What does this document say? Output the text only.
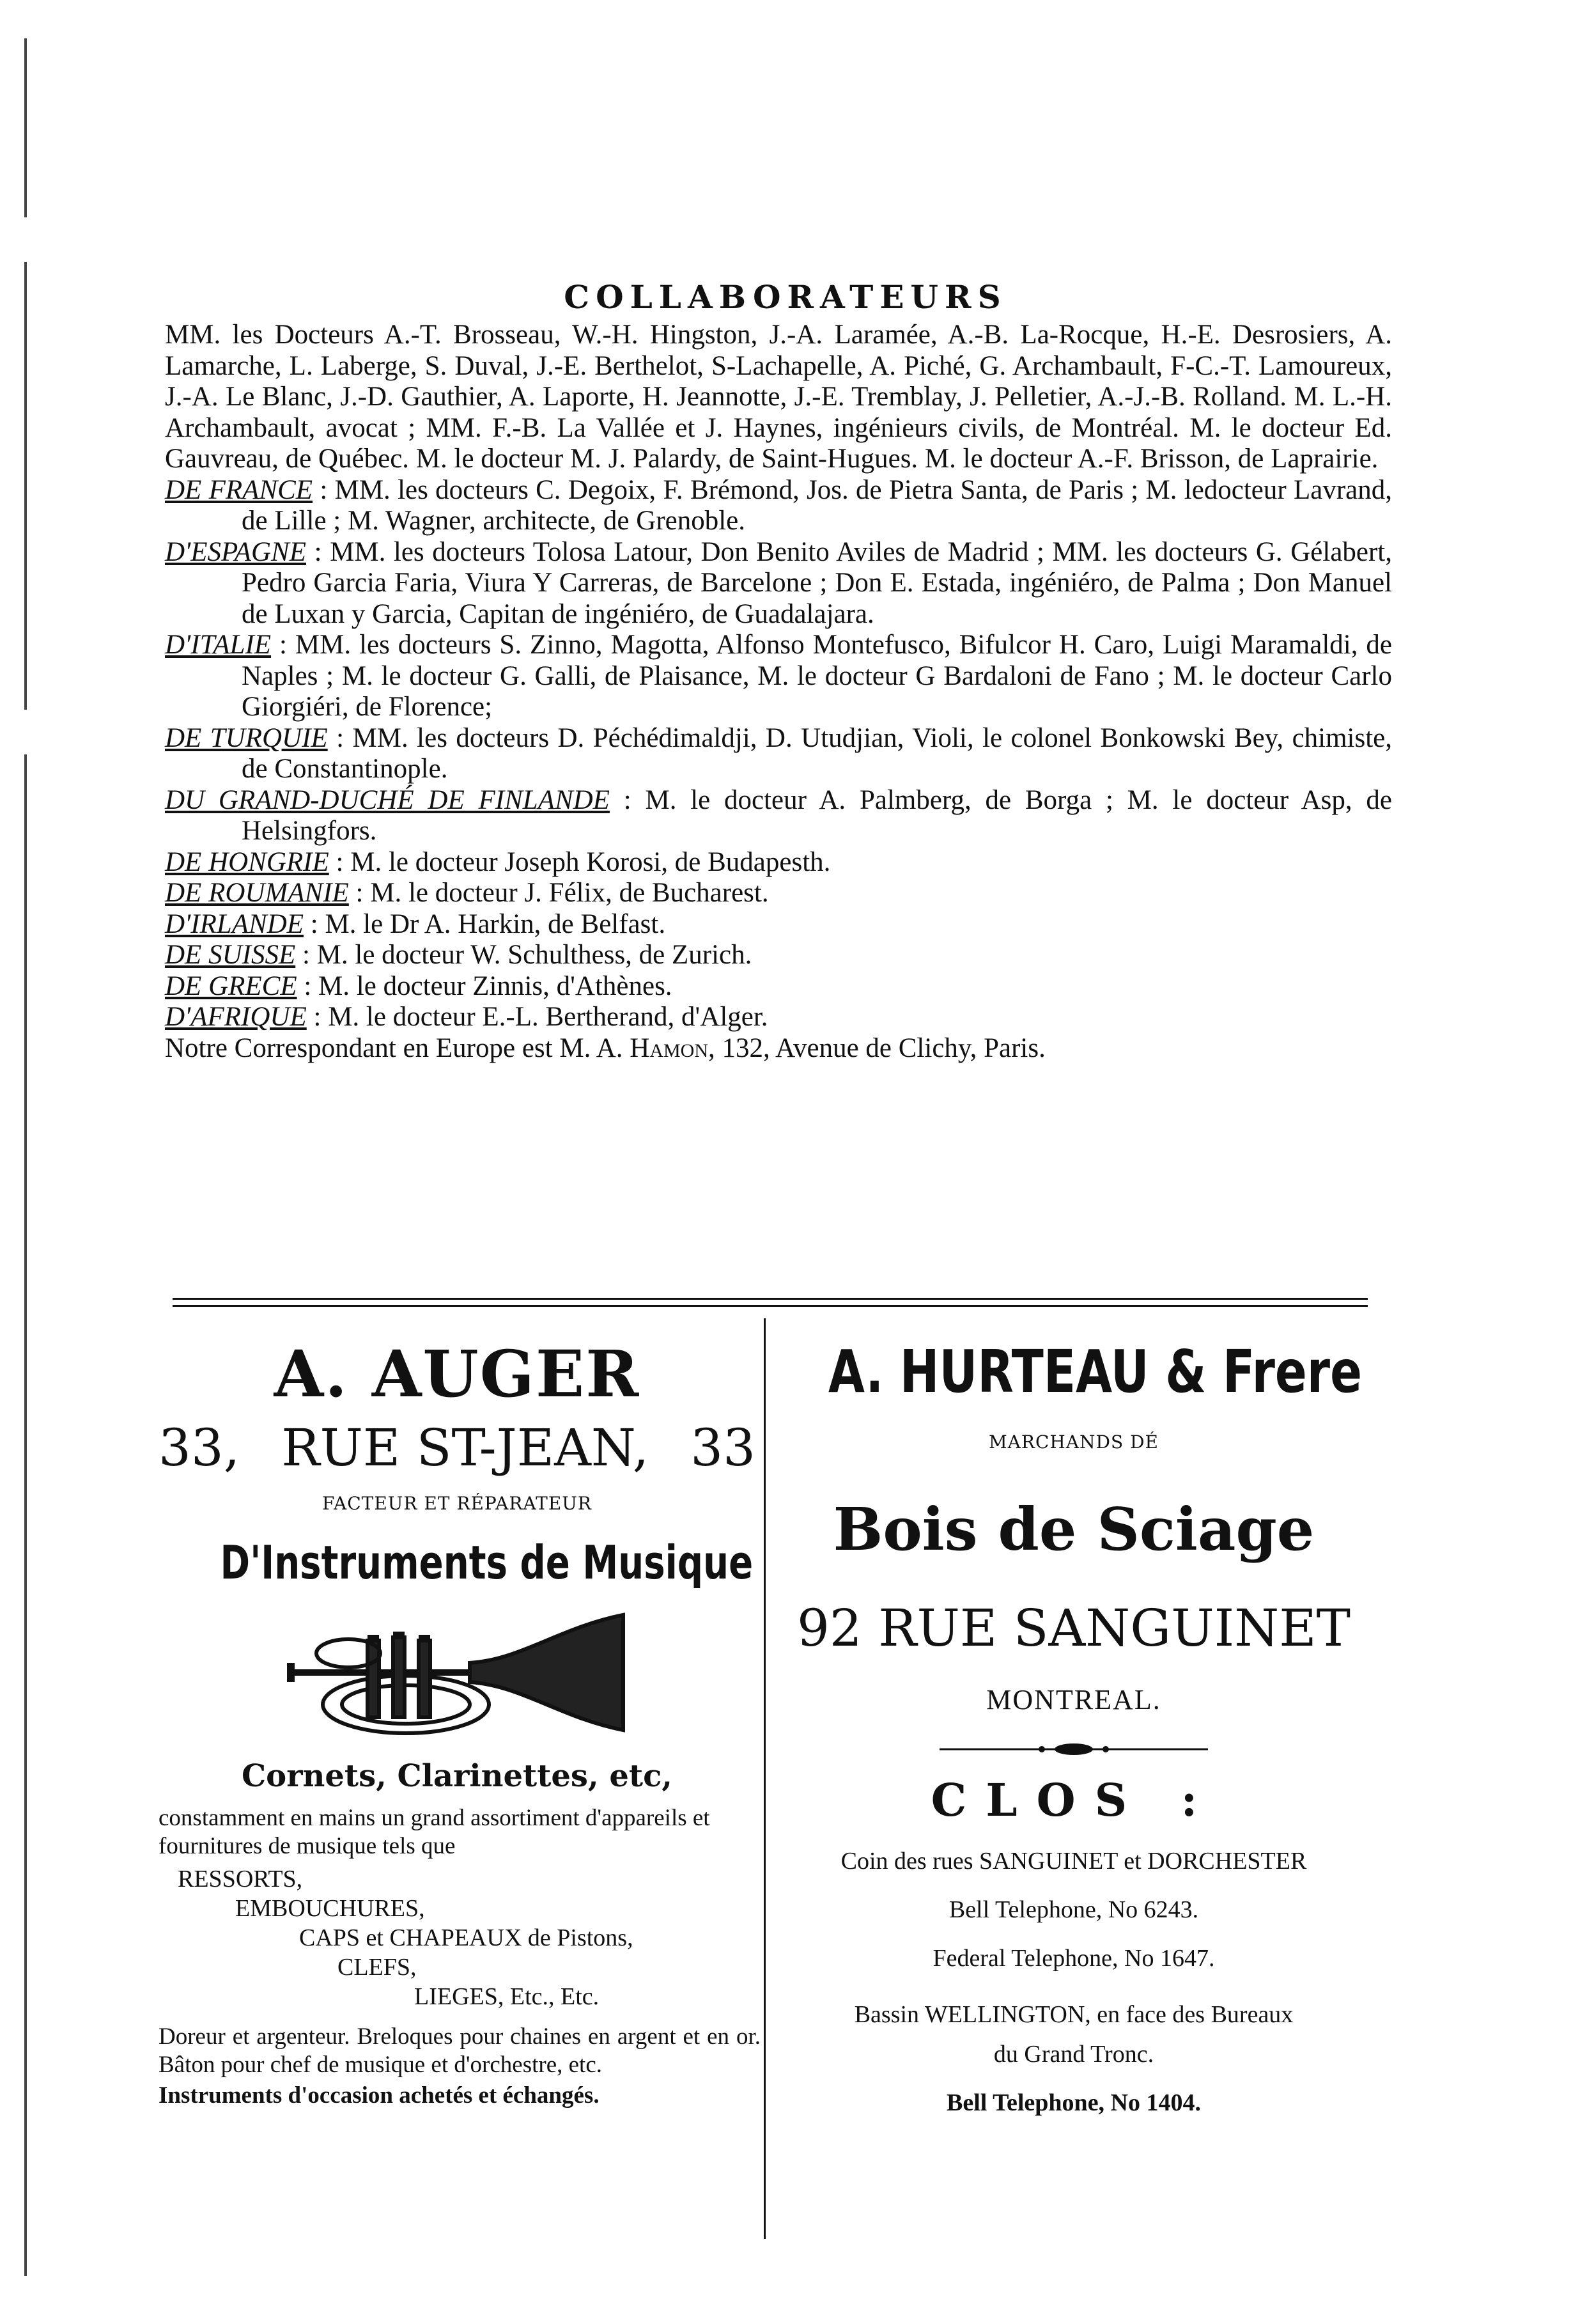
COLLABORATEURS
MM. les Docteurs A.-T. Brosseau, W.-H. Hingston, J.-A. Laramée, A.-B. La-Rocque, H.-E. Desrosiers, A. Lamarche, L. Laberge, S. Duval, J.-E. Berthelot, S-Lachapelle, A. Piché, G. Archambault, F-C.-T. Lamoureux, J.-A. Le Blanc, J.-D. Gauthier, A. Laporte, H. Jeannotte, J.-E. Tremblay, J. Pelletier, A.-J.-B. Rolland. M. L.-H. Archambault, avocat ; MM. F.-B. La Vallée et J. Haynes, ingénieurs civils, de Montréal. M. le docteur Ed. Gauvreau, de Québec. M. le docteur M. J. Palardy, de Saint-Hugues. M. le docteur A.-F. Brisson, de Laprairie.
DE FRANCE : MM. les docteurs C. Degoix, F. Brémond, Jos. de Pietra Santa, de Paris ; M. ledocteur Lavrand, de Lille ; M. Wagner, architecte, de Grenoble.
D'ESPAGNE : MM. les docteurs Tolosa Latour, Don Benito Aviles de Madrid ; MM. les docteurs G. Gélabert, Pedro Garcia Faria, Viura Y Carreras, de Barcelone ; Don E. Estada, ingéniéro, de Palma ; Don Manuel de Luxan y Garcia, Capitan de ingéniéro, de Guadalajara.
D'ITALIE : MM. les docteurs S. Zinno, Magotta, Alfonso Montefusco, Bifulcor H. Caro, Luigi Maramaldi, de Naples ; M. le docteur G. Galli, de Plaisance, M. le docteur G Bardaloni de Fano ; M. le docteur Carlo Giorgiéri, de Florence;
DE TURQUIE : MM. les docteurs D. Péchédimaldji, D. Utudjian, Violi, le colonel Bonkowski Bey, chimiste, de Constantinople.
DU GRAND-DUCHÉ DE FINLANDE : M. le docteur A. Palmberg, de Borga ; M. le docteur Asp, de Helsingfors.
DE HONGRIE : M. le docteur Joseph Korosi, de Budapesth.
DE ROUMANIE : M. le docteur J. Félix, de Bucharest.
D'IRLANDE : M. le Dr A. Harkin, de Belfast.
DE SUISSE : M. le docteur W. Schulthess, de Zurich.
DE GRECE : M. le docteur Zinnis, d'Athènes.
D'AFRIQUE : M. le docteur E.-L. Bertherand, d'Alger.
Notre Correspondant en Europe est M. A. Hamon, 132, Avenue de Clichy, Paris.
A. AUGER
33, RUE ST-JEAN, 33
FACTEUR ET RÉPARATEUR
D'Instruments de Musique
Cornets, Clarinettes, etc,
constamment en mains un grand assortiment d'appareils et fournitures de musique tels que
RESSORTS,
EMBOUCHURES,
CAPS et CHAPEAUX de Pistons,
CLEFS,
LIEGES, Etc., Etc.
Doreur et argenteur. Breloques pour chaines en argent et en or. Bâton pour chef de musique et d'orchestre, etc.
Instruments d'occasion achetés et échangés.
A. HURTEAU & Frere
MARCHANDS DÉ
Bois de Sciage
92 RUE SANGUINET
MONTREAL.
CLOS :
Coin des rues SANGUINET et DORCHESTER
Bell Telephone, No 6243.
Federal Telephone, No 1647.
Bassin WELLINGTON, en face des Bureaux
du Grand Tronc.
Bell Telephone, No 1404.
